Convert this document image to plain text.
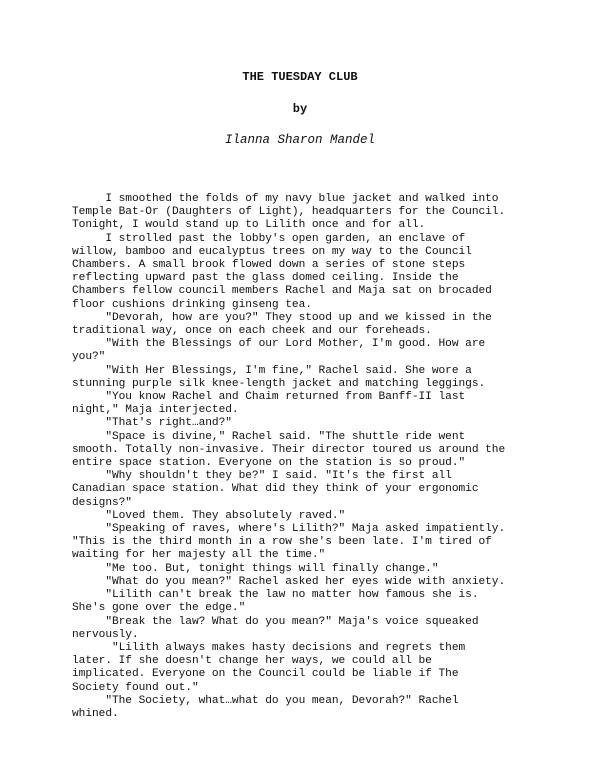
THE TUESDAY CLUB
by
Ilanna Sharon Mandel
I smoothed the folds of my navy blue jacket and walked into
Temple Bat-Or (Daughters of Light), headquarters for the Council.
Tonight, I would stand up to Lilith once and for all.
I strolled past the lobby's open garden, an enclave of
willow, bamboo and eucalyptus trees on my way to the Council
Chambers. A small brook flowed down a series of stone steps
reflecting upward past the glass domed ceiling. Inside the
Chambers fellow council members Rachel and Maja sat on brocaded
floor cushions drinking ginseng tea.
"Devorah, how are you?" They stood up and we kissed in the
traditional way, once on each cheek and our foreheads.
"With the Blessings of our Lord Mother, I'm good. How are
you?"
"With Her Blessings, I'm fine," Rachel said. She wore a
stunning purple silk knee-length jacket and matching leggings.
"You know Rachel and Chaim returned from Banff-II last
night," Maja interjected.
"That's right…and?"
"Space is divine," Rachel said. "The shuttle ride went
smooth. Totally non-invasive. Their director toured us around the
entire space station. Everyone on the station is so proud."
"Why shouldn't they be?" I said. "It's the first all
Canadian space station. What did they think of your ergonomic
designs?"
"Loved them. They absolutely raved."
"Speaking of raves, where's Lilith?" Maja asked impatiently.
"This is the third month in a row she's been late. I'm tired of
waiting for her majesty all the time."
"Me too. But, tonight things will finally change."
"What do you mean?" Rachel asked her eyes wide with anxiety.
"Lilith can't break the law no matter how famous she is.
She's gone over the edge."
"Break the law? What do you mean?" Maja's voice squeaked
nervously.
"Lilith always makes hasty decisions and regrets them
later. If she doesn't change her ways, we could all be
implicated. Everyone on the Council could be liable if The
Society found out."
"The Society, what…what do you mean, Devorah?" Rachel
whined.
